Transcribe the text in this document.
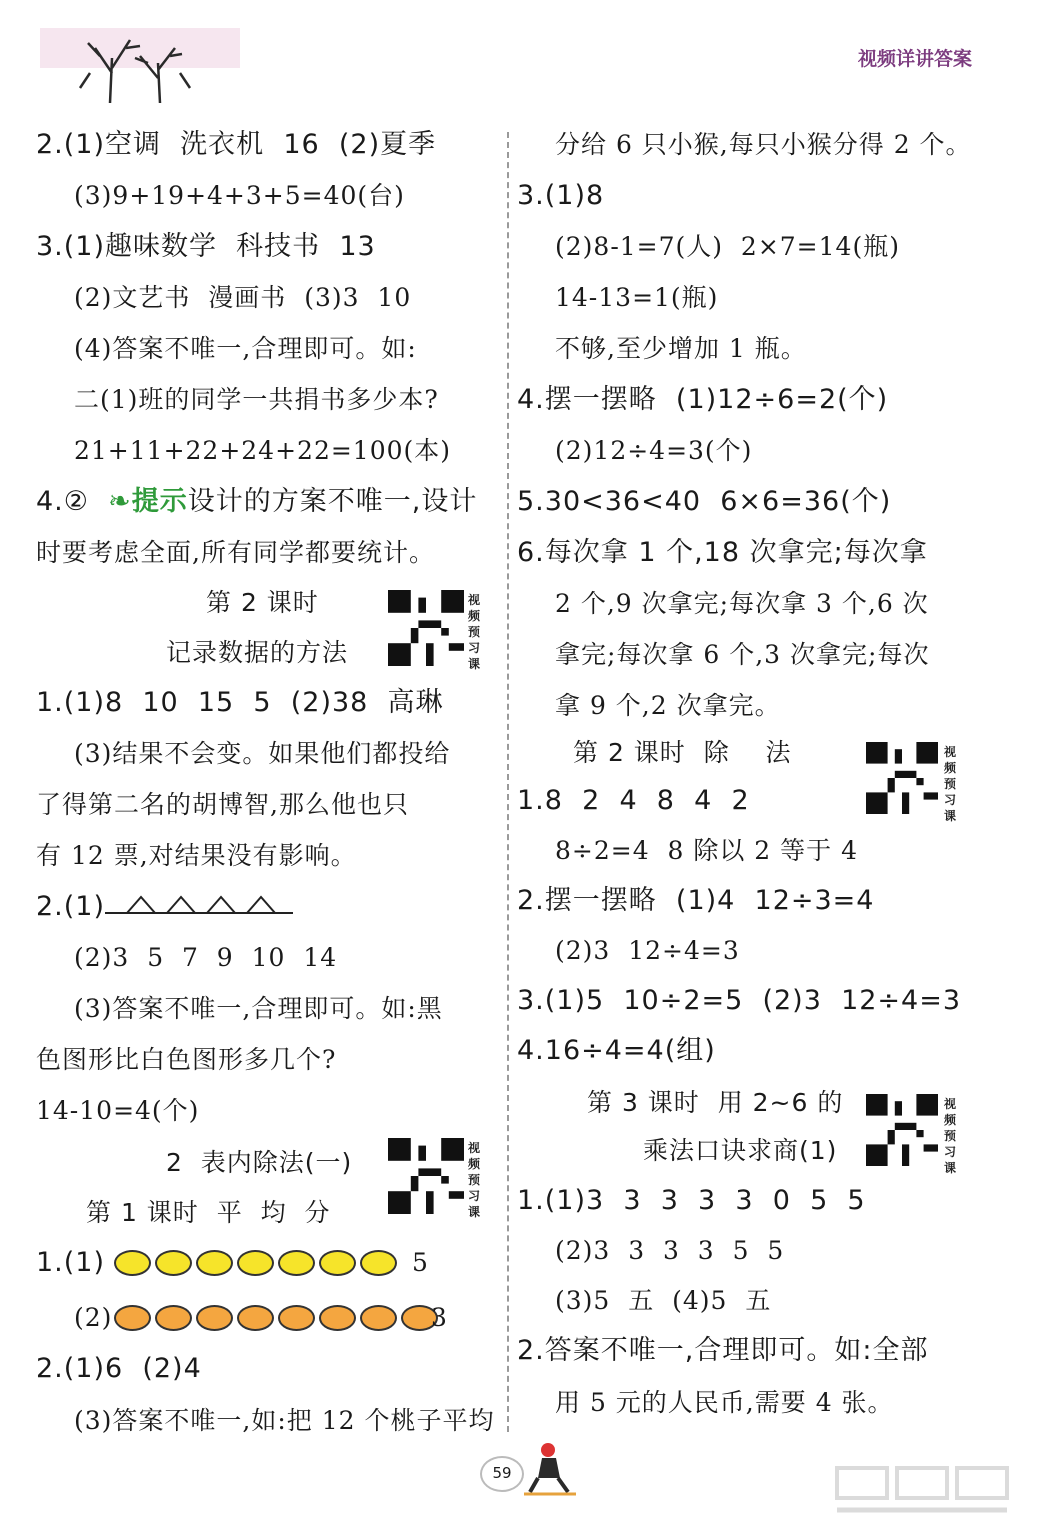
视频详讲答案
2.(1)空调  洗衣机  16  (2)夏季
(3)9+19+4+3+5=40(台)
3.(1)趣味数学  科技书  13
(2)文艺书  漫画书  (3)3  10
(4)答案不唯一,合理即可。如:
二(1)班的同学一共捐书多少本?
21+11+22+24+22=100(本)
4.②  ❧提示设计的方案不唯一,设计
时要考虑全面,所有同学都要统计。
第 2 课时
记录数据的方法
1.(1)8  10  15  5  (2)38  高琳
(3)结果不会变。如果他们都投给
了得第二名的胡博智,那么他也只
有 12 票,对结果没有影响。
2.(1)
(2)3  5  7  9  10  14
(3)答案不唯一,合理即可。如:黑
色图形比白色图形多几个?
14-10=4(个)
2  表内除法(一)
第 1 课时  平  均  分
1.(1)	5
(2)	3
2.(1)6  (2)4
(3)答案不唯一,如:把 12 个桃子平均
视频预习课
视频预习课
分给 6 只小猴,每只小猴分得 2 个。
3.(1)8
(2)8-1=7(人)  2×7=14(瓶)
14-13=1(瓶)
不够,至少增加 1 瓶。
4.摆一摆略  (1)12÷6=2(个)
(2)12÷4=3(个)
5.30<36<40  6×6=36(个)
6.每次拿 1 个,18 次拿完;每次拿
2 个,9 次拿完;每次拿 3 个,6 次
拿完;每次拿 6 个,3 次拿完;每次
拿 9 个,2 次拿完。
第 2 课时  除    法
1.8  2  4  8  4  2
8÷2=4  8 除以 2 等于 4
2.摆一摆略  (1)4  12÷3=4
(2)3  12÷4=3
3.(1)5  10÷2=5  (2)3  12÷4=3
4.16÷4=4(组)
第 3 课时  用 2~6 的
乘法口诀求商(1)
1.(1)3  3  3  3  3  0  5  5
(2)3  3  3  3  5  5
(3)5  五  (4)5  五
2.答案不唯一,合理即可。如:全部
用 5 元的人民币,需要 4 张。
视频预习课
视频预习课
59
